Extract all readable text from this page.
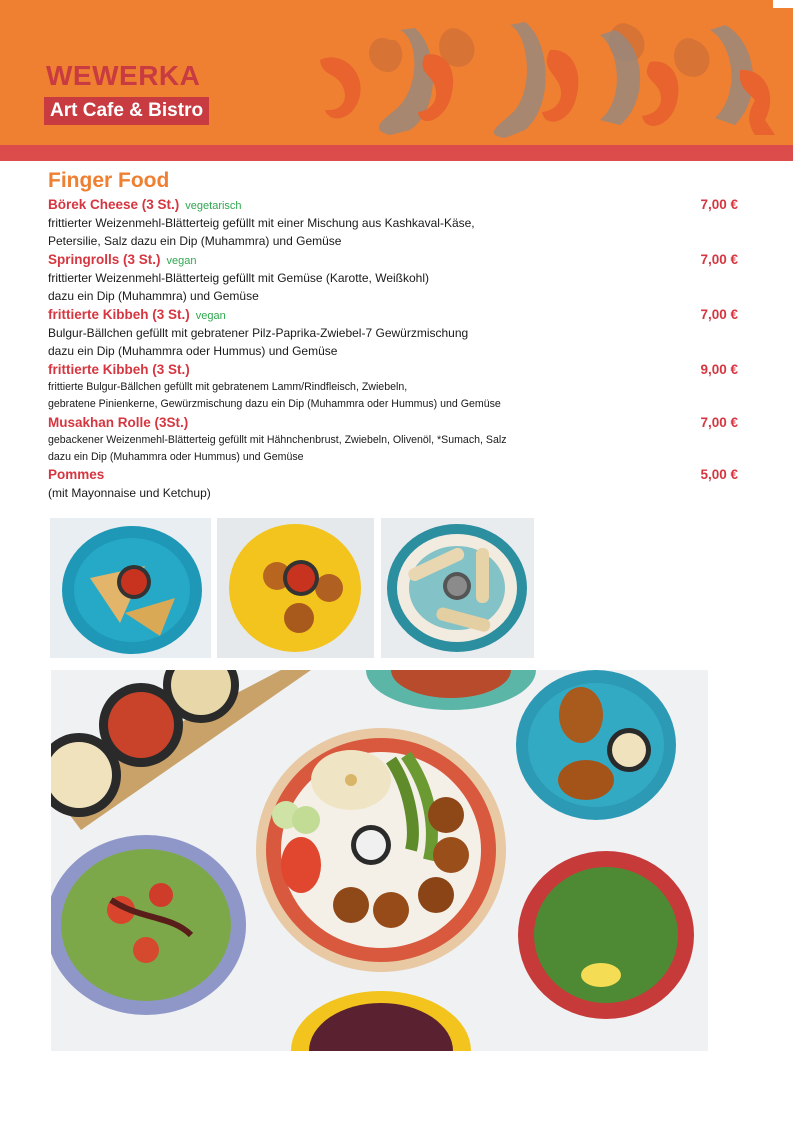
WEWERKA
Art Cafe & Bistro
Finger Food
Börek Cheese (3 St.) vegetarisch	7,00 €
frittierter Weizenmehl-Blätterteig gefüllt mit einer Mischung aus Kashkaval-Käse,
Petersilie, Salz dazu ein Dip (Muhammra) und Gemüse
Springrolls (3 St.) vegan	7,00 €
frittierter Weizenmehl-Blätterteig gefüllt mit Gemüse (Karotte, Weißkohl)
dazu ein Dip (Muhammra) und Gemüse
frittierte Kibbeh (3 St.) vegan	7,00 €
Bulgur-Bällchen gefüllt mit gebratener Pilz-Paprika-Zwiebel-7 Gewürzmischung
dazu ein Dip (Muhammra oder Hummus) und Gemüse
frittierte Kibbeh (3 St.)	9,00 €
frittierte Bulgur-Bällchen gefüllt mit gebratenem Lamm/Rindfleisch, Zwiebeln,
gebratene Pinienkerne, Gewürzmischung dazu ein Dip (Muhammra oder Hummus) und Gemüse
Musakhan Rolle (3St.)	7,00 €
gebackener Weizenmehl-Blätterteig gefüllt mit Hähnchenbrust, Zwiebeln, Olivenöl, *Sumach, Salz
dazu ein Dip (Muhammra oder Hummus) und Gemüse
Pommes	5,00 €
(mit Mayonnaise und Ketchup)
